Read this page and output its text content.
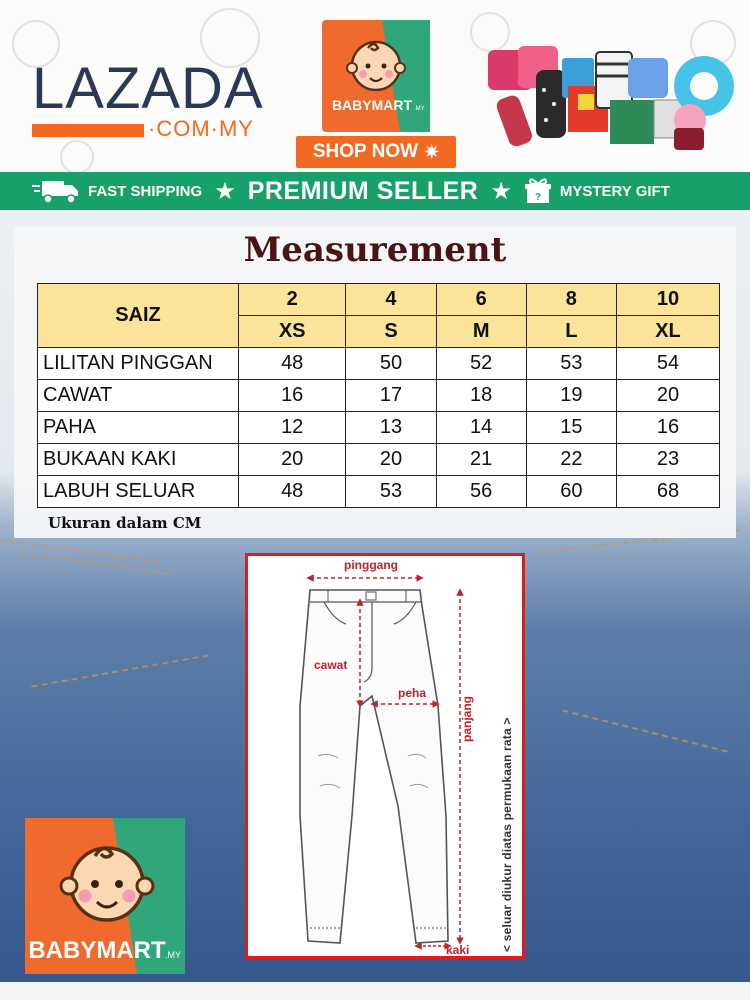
LAZADA
·COM·MY
BABYMART .MY
SHOP NOW ✷
FAST SHIPPING ★ PREMIUM SELLER ★ ? MYSTERY GIFT
Measurement
SAIZ	2	4	6	8	10
	XS	S	M	L	XL
LILITAN PINGGAN	48	50	52	53	54
CAWAT	16	17	18	19	20
PAHA	12	13	14	15	16
BUKAAN KAKI	20	20	21	22	23
LABUH SELUAR	48	53	56	60	68
Ukuran dalam CM
pinggang
cawat
peha
panjang
kaki	< seluar diukur diatas permukaan rata >
BABYMART .MY
